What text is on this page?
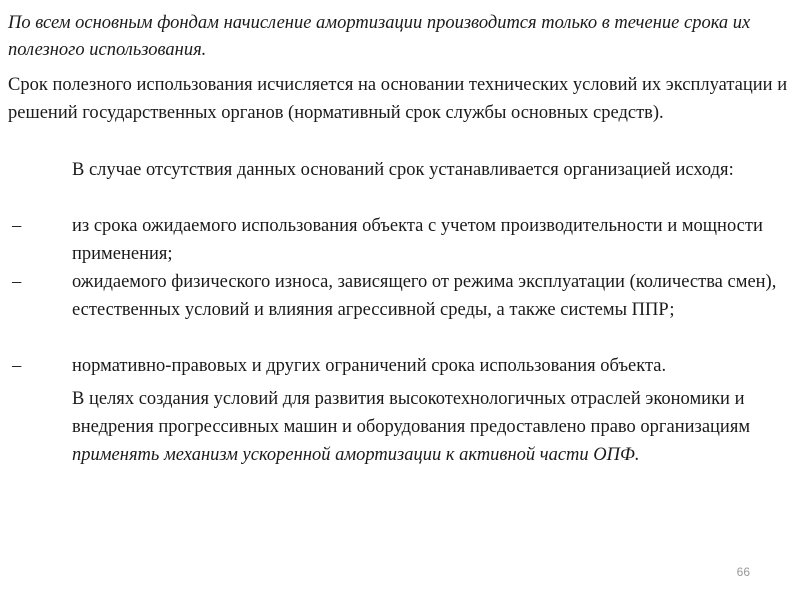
По всем основным фондам начисление амортизации производится только в течение срока их полезного использования.

Срок полезного использования исчисляется на основании технических условий их эксплуатации и решений государственных органов (нормативный срок службы основных средств).

В случае отсутствия данных оснований срок устанавливается организацией исходя:

–	из срока ожидаемого использования объекта с учетом производительности и мощности применения;
–	ожидаемого физического износа, зависящего от режима эксплуатации (количества смен), естественных условий и влияния агрессивной среды, а также системы ППР;
–	нормативно-правовых и других ограничений срока использования объекта.

В целях создания условий для развития высокотехнологичных отраслей экономики и внедрения прогрессивных машин и оборудования предоставлено право организациям применять механизм ускоренной амортизации к активной части ОПФ.

66
